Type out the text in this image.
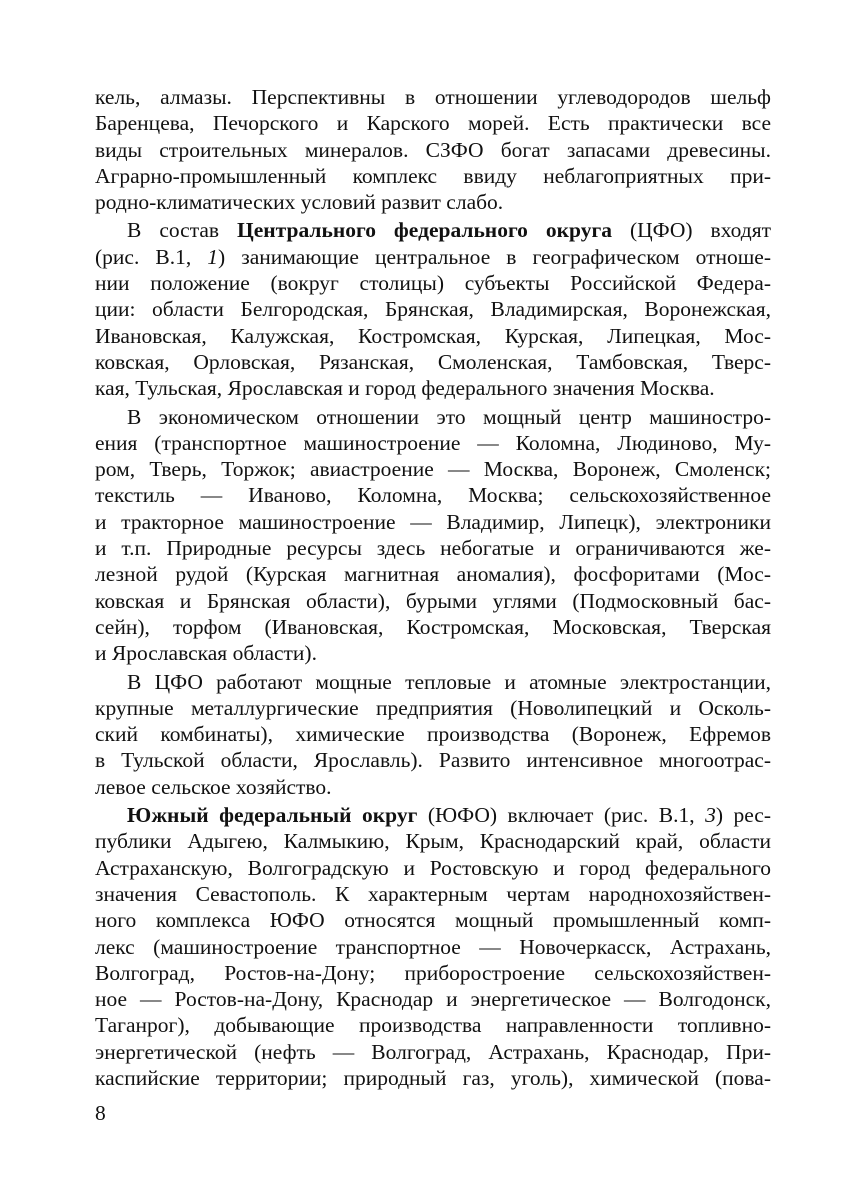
кель, алмазы. Перспективны в отношении углеводородов шельф
Баренцева, Печорского и Карского морей. Есть практически все
виды строительных минералов. СЗФО богат запасами древесины.
Аграрно-промышленный комплекс ввиду неблагоприятных при-
родно-климатических условий развит слабо.
В состав Центрального федерального округа (ЦФО) входят
(рис. В.1, 1) занимающие центральное в географическом отноше-
нии положение (вокруг столицы) субъекты Российской Федера-
ции: области Белгородская, Брянская, Владимирская, Воронежская,
Ивановская, Калужская, Костромская, Курская, Липецкая, Мос-
ковская, Орловская, Рязанская, Смоленская, Тамбовская, Тверс-
кая, Тульская, Ярославская и город федерального значения Москва.
В экономическом отношении это мощный центр машиностро-
ения (транспортное машиностроение — Коломна, Людиново, Му-
ром, Тверь, Торжок; авиастроение — Москва, Воронеж, Смоленск;
текстиль — Иваново, Коломна, Москва; сельскохозяйственное
и тракторное машиностроение — Владимир, Липецк), электроники
и т.п. Природные ресурсы здесь небогатые и ограничиваются же-
лезной рудой (Курская магнитная аномалия), фосфоритами (Мос-
ковская и Брянская области), бурыми углями (Подмосковный бас-
сейн), торфом (Ивановская, Костромская, Московская, Тверская
и Ярославская области).
В ЦФО работают мощные тепловые и атомные электростанции,
крупные металлургические предприятия (Новолипецкий и Осколь-
ский комбинаты), химические производства (Воронеж, Ефремов
в Тульской области, Ярославль). Развито интенсивное многоотрас-
левое сельское хозяйство.
Южный федеральный округ (ЮФО) включает (рис. В.1, 3) рес-
публики Адыгею, Калмыкию, Крым, Краснодарский край, области
Астраханскую, Волгоградскую и Ростовскую и город федерального
значения Севастополь. К характерным чертам народнохозяйствен-
ного комплекса ЮФО относятся мощный промышленный комп-
лекс (машиностроение транспортное — Новочеркасск, Астрахань,
Волгоград, Ростов-на-Дону; приборостроение сельскохозяйствен-
ное — Ростов-на-Дону, Краснодар и энергетическое — Волгодонск,
Таганрог), добывающие производства направленности топливно-
энергетической (нефть — Волгоград, Астрахань, Краснодар, При-
каспийские территории; природный газ, уголь), химической (пова-
8
